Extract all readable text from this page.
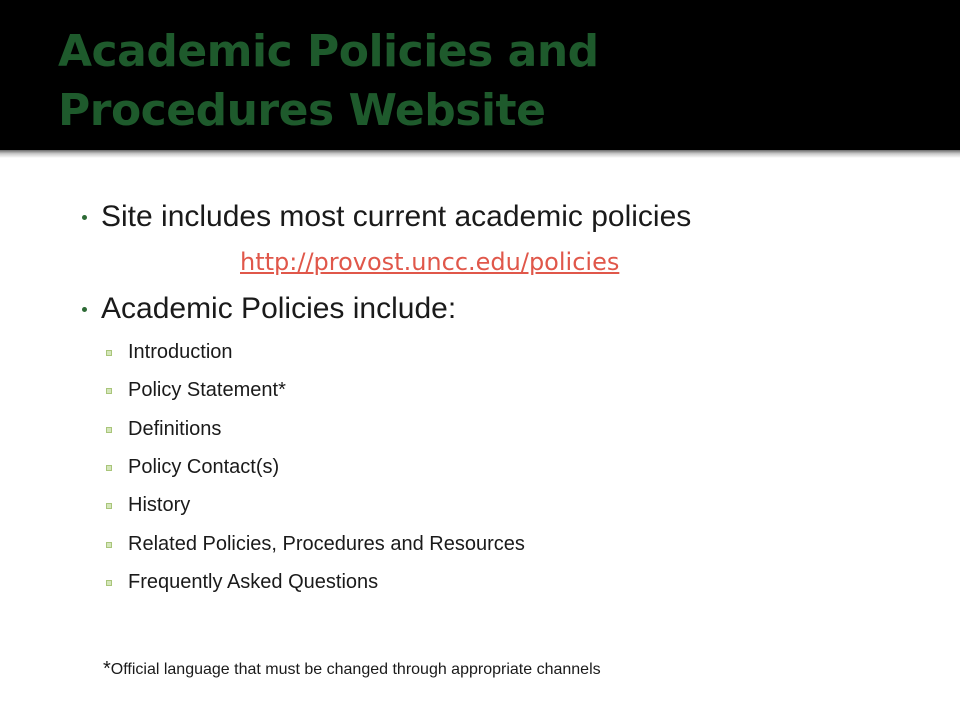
Academic Policies and
Procedures Website
Site includes most current academic policies
http://provost.uncc.edu/policies
Academic Policies include:
Introduction
Policy Statement*
Definitions
Policy Contact(s)
History
Related Policies, Procedures and Resources
Frequently Asked Questions
*Official language that must be changed through appropriate channels
